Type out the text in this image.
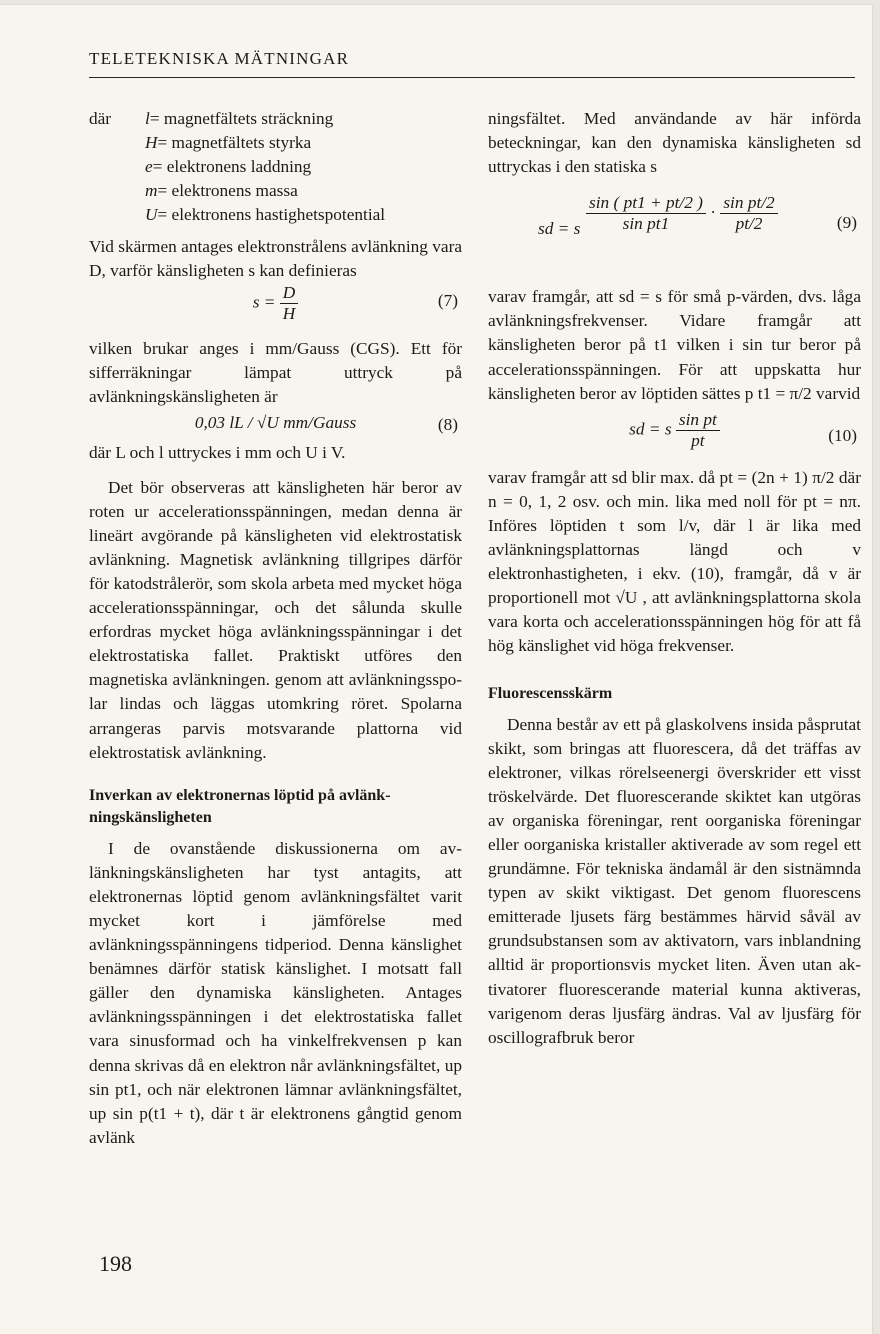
TELETEKNISKA MÄTNINGAR
där l= magnetfältets sträckning
H= magnetfältets styrka
e= elektronens laddning
m= elektronens massa
U= elektronens hastighetspotential

Vid skärmen antages elektronstrålens avlänkning vara D, varför känsligheten s kan definieras

$s = \frac{D}{H}$	(7)

vilken brukar anges i mm/Gauss (CGS). Ett för sifferräkningar lämpat uttryck på avlänkningskänsligheten är

0,03 lL / √U mm/Gauss	(8)

där L och l uttryckes i mm och U i V.

Det bör observeras att känsligheten här beror av roten ur accelerationsspänningen, medan denna är lineärt avgörande på känsligheten vid elektrostatisk avlänkning. Magnetisk avlänkning tillgripes därför för katodstrålerör, som skola arbeta med mycket höga accelerationsspänningar, och det sålunda skulle erfordras mycket höga avlänkningsspänningar i det elektrostatiska fallet. Praktiskt utföres den magnetiska avlänkningen. genom att avlänkningsspolar lindas och läggas utomkring röret. Spolarna arrangeras parvis motsvarande plattorna vid elektrostatisk avlänkning.

Inverkan av elektronernas löptid på avlänkningskänsligheten

I de ovanstående diskussionerna om avlänkningskänsligheten har tyst antagits, att elektronernas löptid genom avlänkningsfältet varit mycket kort i jämförelse med avlänkningsspänningens tidperiod. Denna känslighet benämnes därför statisk känslighet. I motsatt fall gäller den dynamiska känsligheten. Antages avlänkningsspänningen i det elektrostatiska fallet vara sinusformad och ha vinkelfrekvensen p kan denna skrivas då en elektron når avlänkningsfältet, up sin pt1, och när elektronen lämnar avlänkningsfältet, up sin p(t1 + t), där t är elektronens gångtid genom avlänk

ningsfältet. Med användande av här införda beteckningar, kan den dynamiska känsligheten sd uttryckas i den statiska s

sd = s $\frac{\sin ( pt1 + pt/2 )}{\text{sin pt1}} \cdot \frac{\text{sin pt/2}}{pt/2}$	(9)

varav framgår, att sd = s för små p-värden, dvs. låga avlänkningsfrekvenser. Vidare framgår att känsligheten beror på t1 vilken i sin tur beror på accelerationsspänningen. För att uppskatta hur känsligheten beror av löptiden sättes p t1 = π/2 varvid

sd = s $\frac{\text{sin pt}}{pt}$	(10)

varav framgår att sd blir max. då pt = (2n + 1) π/2 där n = 0, 1, 2 osv. och min. lika med noll för pt = nπ. Införes löptiden t som l/v, där l är lika med avlänkningsplattornas längd och v elektronhastigheten, i ekv. (10), framgår, då v är proportionell mot √U , att avlänkningsplattorna skola vara korta och accelerationsspänningen hög för att få hög känslighet vid höga frekvenser.

Fluorescensskärm

Denna består av ett på glaskolvens insida påsprutat skikt, som bringas att fluorescera, då det träffas av elektroner, vilkas rörelseenergi överskrider ett visst tröskelvärde. Det fluorescerande skiktet kan utgöras av organiska föreningar, rent oorganiska föreningar eller oorganiska kristaller aktiverade av som regel ett grundämne. För tekniska ändamål är den sistnämnda typen av skikt viktigast. Det genom fluorescens emitterade ljusets färg bestämmes härvid såväl av grundsubstansen som av aktivatorn, vars inblandning alltid är proportionsvis mycket liten. Även utan aktivatorer fluorescerande material kunna aktiveras, varigenom deras ljusfärg ändras. Val av ljusfärg för oscillografbruk beror

198
